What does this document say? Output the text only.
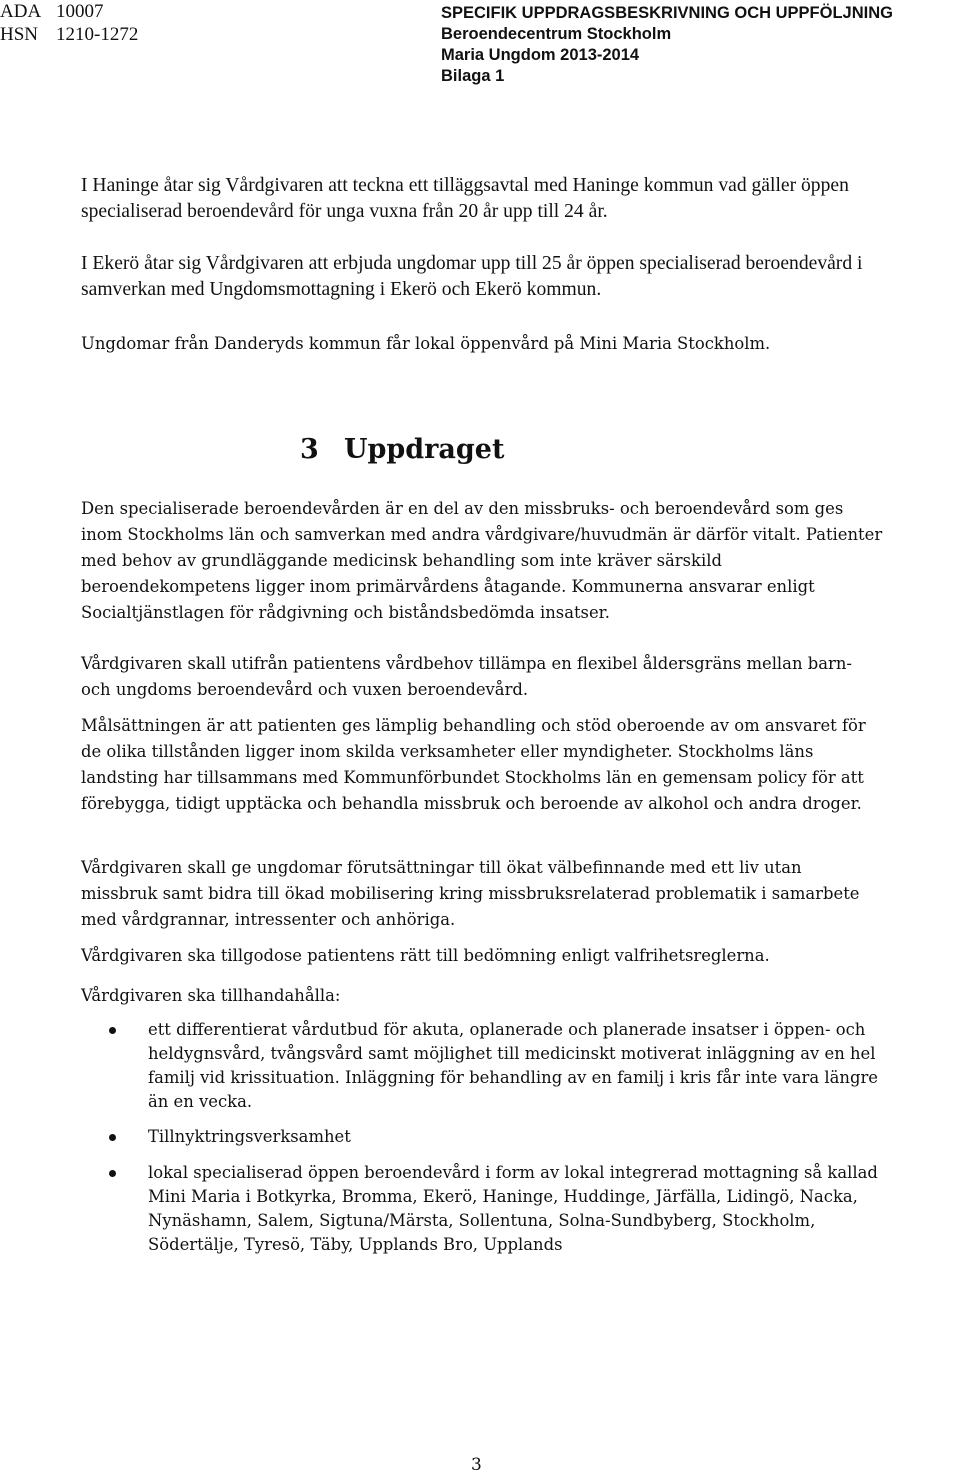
ADA 10007
HSN 1210-1272
SPECIFIK UPPDRAGSBESKRIVNING OCH UPPFÖLJNING
Beroendecentrum Stockholm
Maria Ungdom 2013-2014
Bilaga 1

I Haninge åtar sig Vårdgivaren att teckna ett tilläggsavtal med Haninge kommun vad gäller öppen specialiserad beroendevård för unga vuxna från 20 år upp till 24 år.

I Ekerö åtar sig Vårdgivaren att erbjuda ungdomar upp till 25 år öppen specialiserad beroendevård i samverkan med Ungdomsmottagning i Ekerö och Ekerö kommun.

Ungdomar från Danderyds kommun får lokal öppenvård på Mini Maria Stockholm.

3 Uppdraget

Den specialiserade beroendevården är en del av den missbruks- och beroendevård som ges inom Stockholms län och samverkan med andra vårdgivare/huvudmän är därför vitalt. Patienter med behov av grundläggande medicinsk behandling som inte kräver särskild beroendekompetens ligger inom primärvårdens åtagande. Kommunerna ansvarar enligt Socialtjänstlagen för rådgivning och biståndsbedömda insatser.

Vårdgivaren skall utifrån patientens vårdbehov tillämpa en flexibel åldersgräns mellan barn- och ungdoms beroendevård och vuxen beroendevård.

Målsättningen är att patienten ges lämplig behandling och stöd oberoende av om ansvaret för de olika tillstånden ligger inom skilda verksamheter eller myndigheter. Stockholms läns landsting har tillsammans med Kommunförbundet Stockholms län en gemensam policy för att förebygga, tidigt upptäcka och behandla missbruk och beroende av alkohol och andra droger.

Vårdgivaren skall ge ungdomar förutsättningar till ökat välbefinnande med ett liv utan missbruk samt bidra till ökad mobilisering kring missbruksrelaterad problematik i samarbete med vårdgrannar, intressenter och anhöriga.

Vårdgivaren ska tillgodose patientens rätt till bedömning enligt valfrihetsreglerna.

Vårdgivaren ska tillhandahålla:

ett differentierat vårdutbud för akuta, oplanerade och planerade insatser i öppen- och heldygnsvård, tvångsvård samt möjlighet till medicinskt motiverat inläggning av en hel familj vid krissituation. Inläggning för behandling av en familj i kris får inte vara längre än en vecka.
Tillnyktringsverksamhet
lokal specialiserad öppen beroendevård i form av lokal integrerad mottagning så kallad Mini Maria i Botkyrka, Bromma, Ekerö, Haninge, Huddinge, Järfälla, Lidingö, Nacka, Nynäshamn, Salem, Sigtuna/Märsta, Sollentuna, Solna-Sundbyberg, Stockholm, Södertälje, Tyresö, Täby, Upplands Bro, Upplands
3
